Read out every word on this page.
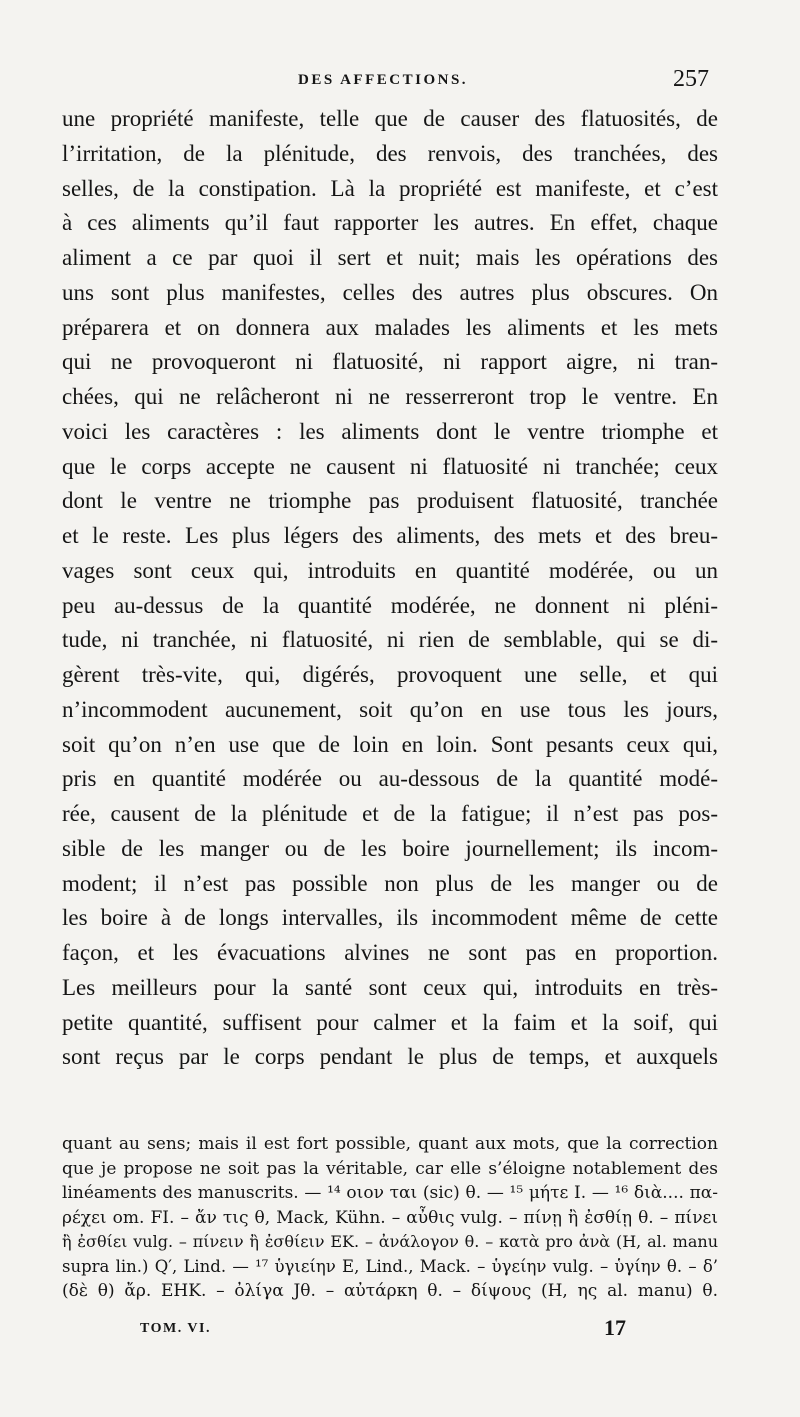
DES AFFECTIONS.	257
une propriété manifeste, telle que de causer des flatuosités, de
l’irritation, de la plénitude, des renvois, des tranchées, des
selles, de la constipation. Là la propriété est manifeste, et c’est
à ces aliments qu’il faut rapporter les autres. En effet, chaque
aliment a ce par quoi il sert et nuit; mais les opérations des
uns sont plus manifestes, celles des autres plus obscures. On
préparera et on donnera aux malades les aliments et les mets
qui ne provoqueront ni flatuosité, ni rapport aigre, ni tran-
chées, qui ne relâcheront ni ne resserreront trop le ventre. En
voici les caractères : les aliments dont le ventre triomphe et
que le corps accepte ne causent ni flatuosité ni tranchée; ceux
dont le ventre ne triomphe pas produisent flatuosité, tranchée
et le reste. Les plus légers des aliments, des mets et des breu-
vages sont ceux qui, introduits en quantité modérée, ou un
peu au-dessus de la quantité modérée, ne donnent ni pléni-
tude, ni tranchée, ni flatuosité, ni rien de semblable, qui se di-
gèrent très-vite, qui, digérés, provoquent une selle, et qui
n’incommodent aucunement, soit qu’on en use tous les jours,
soit qu’on n’en use que de loin en loin. Sont pesants ceux qui,
pris en quantité modérée ou au-dessous de la quantité modé-
rée, causent de la plénitude et de la fatigue; il n’est pas pos-
sible de les manger ou de les boire journellement; ils incom-
modent; il n’est pas possible non plus de les manger ou de
les boire à de longs intervalles, ils incommodent même de cette
façon, et les évacuations alvines ne sont pas en proportion.
Les meilleurs pour la santé sont ceux qui, introduits en très-
petite quantité, suffisent pour calmer et la faim et la soif, qui
sont reçus par le corps pendant le plus de temps, et auxquels
quant au sens; mais il est fort possible, quant aux mots, que la correction
que je propose ne soit pas la véritable, car elle s’éloigne notablement des
linéaments des manuscrits. — ¹⁴ οιον ται (sic) θ. — ¹⁵ μήτε I. — ¹⁶ διὰ.... πα-
ρέχει om. FI. – ἄν τις θ, Mack, Kühn. – αὖθις vulg. – πίνῃ ἢ ἐσθίῃ θ. – πίνει
ἢ ἐσθίει vulg. – πίνειν ἢ ἐσθίειν EK. – ἀνάλογον θ. – κατὰ pro ἀνὰ (H, al. manu
supra lin.) Q′, Lind. — ¹⁷ ὑγιείην E, Lind., Mack. – ὑγείην vulg. – ὑγίην θ. – δ’
(δὲ θ) ἄρ. EHK. – ὀλίγα Jθ. – αὐτάρκη θ. – δίψους (H, ης al. manu) θ.
TOM. VI.	17
